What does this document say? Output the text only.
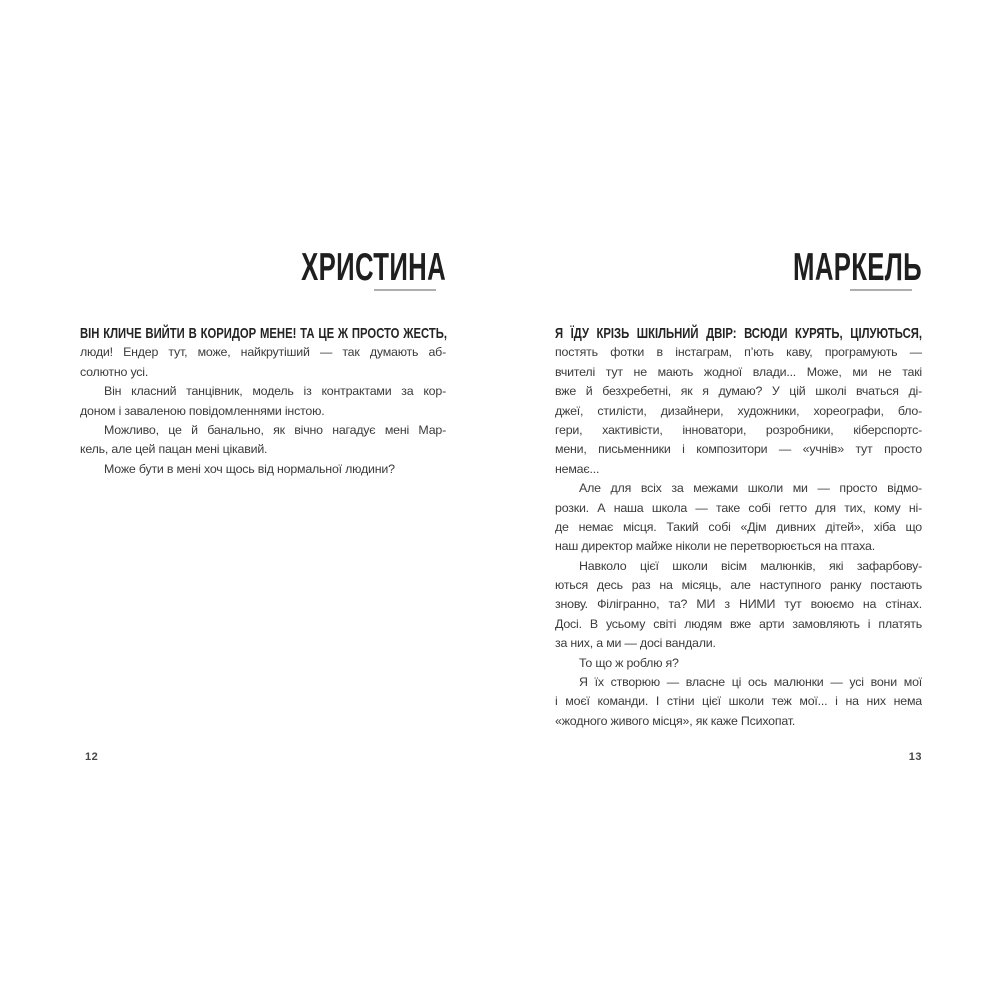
ХРИСТИНА
ВІН КЛИЧЕ ВИЙТИ В КОРИДОР МЕНЕ! ТА ЦЕ Ж ПРОСТО ЖЕСТЬ,
люди! Ендер тут, може, найкрутіший — так думають аб-
солютно усі.
Він класний танцівник, модель із контрактами за кор-
доном і заваленою повідомленнями інстою.
Можливо, це й банально, як вічно нагадує мені Мар-
кель, але цей пацан мені цікавий.
Може бути в мені хоч щось від нормальної людини?
МАРКЕЛЬ
Я ЇДУ КРІЗЬ ШКІЛЬНИЙ ДВІР: ВСЮДИ КУРЯТЬ, ЦІЛУЮТЬСЯ,
постять фотки в інстаграм, п’ють каву, програмують —
вчителі тут не мають жодної влади... Може, ми не такі
вже й безхребетні, як я думаю? У цій школі вчаться ді-
джеї, стилісти, дизайнери, художники, хореографи, бло-
гери, хактивісти, інноватори, розробники, кіберспортс-
мени, письменники і композитори — «учнів» тут просто
немає...
Але для всіх за межами школи ми — просто відмо-
розки. А наша школа — таке собі гетто для тих, кому ні-
де немає місця. Такий собі «Дім дивних дітей», хіба що
наш директор майже ніколи не перетворюється на птаха.
Навколо цієї школи вісім малюнків, які зафарбову-
ються десь раз на місяць, але наступного ранку постають
знову. Філігранно, та? МИ з НИМИ тут воюємо на стінах.
Досі. В усьому світі людям вже арти замовляють і платять
за них, а ми — досі вандали.
То що ж роблю я?
Я їх створюю — власне ці ось малюнки — усі вони мої
і моєї команди. І стіни цієї школи теж мої... і на них нема
«жодного живого місця», як каже Психопат.
12	13
